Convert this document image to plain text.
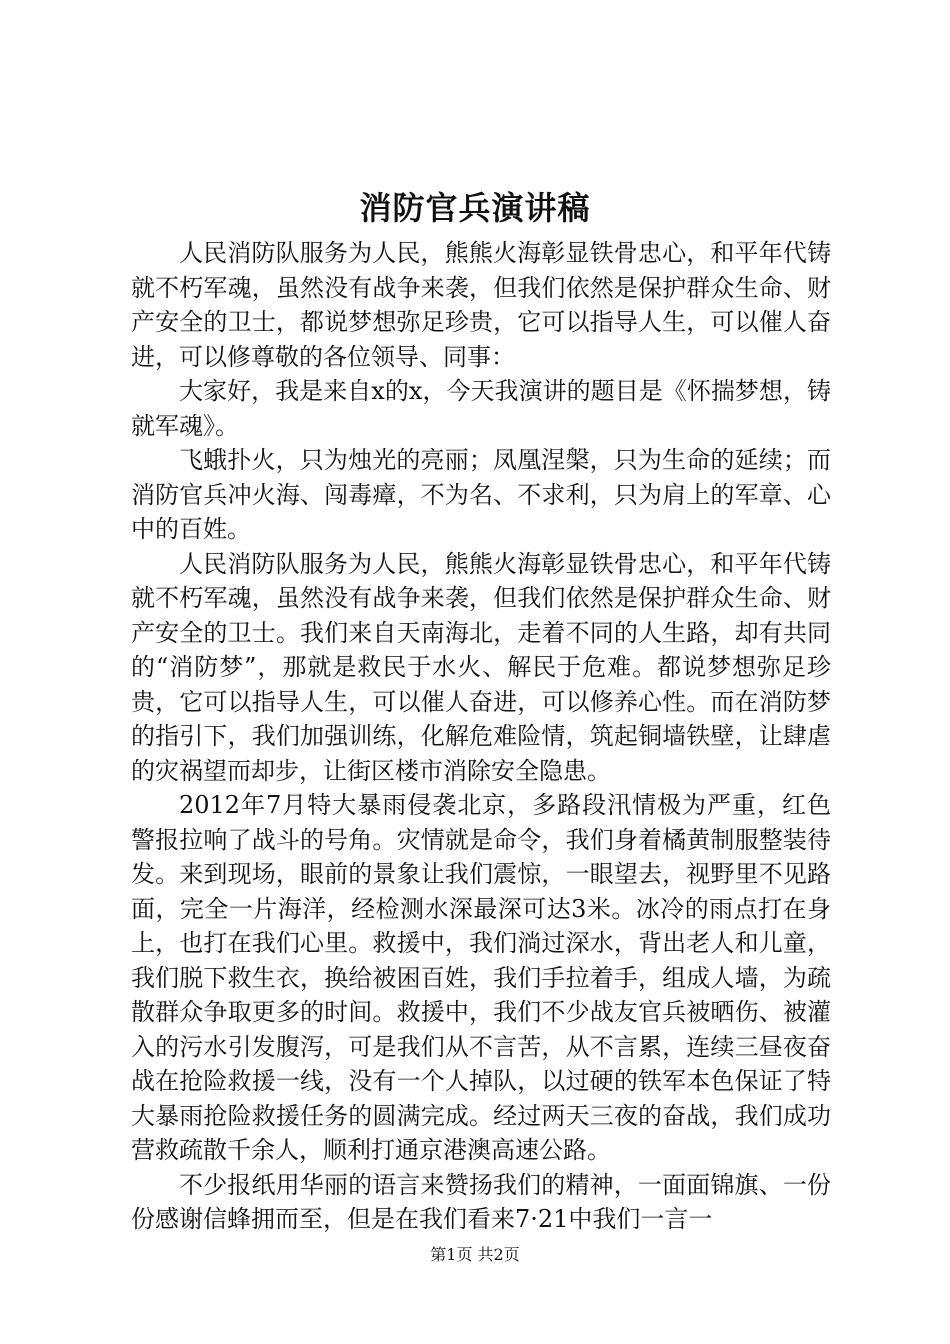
消防官兵演讲稿

人民消防队服务为人民，熊熊火海彰显铁骨忠心，和平年代铸就不朽军魂，虽然没有战争来袭，但我们依然是保护群众生命、财产安全的卫士，都说梦想弥足珍贵，它可以指导人生，可以催人奋进，可以修尊敬的各位领导、同事：

大家好，我是来自x的x，今天我演讲的题目是《怀揣梦想，铸就军魂》。

飞蛾扑火，只为烛光的亮丽；凤凰涅槃，只为生命的延续；而消防官兵冲火海、闯毒瘴，不为名、不求利，只为肩上的军章、心中的百姓。

人民消防队服务为人民，熊熊火海彰显铁骨忠心，和平年代铸就不朽军魂，虽然没有战争来袭，但我们依然是保护群众生命、财产安全的卫士。我们来自天南海北，走着不同的人生路，却有共同的“消防梦”，那就是救民于水火、解民于危难。都说梦想弥足珍贵，它可以指导人生，可以催人奋进，可以修养心性。而在消防梦的指引下，我们加强训练，化解危难险情，筑起铜墙铁壁，让肆虐的灾祸望而却步，让街区楼市消除安全隐患。

2012年7月特大暴雨侵袭北京，多路段汛情极为严重，红色警报拉响了战斗的号角。灾情就是命令，我们身着橘黄制服整装待发。来到现场，眼前的景象让我们震惊，一眼望去，视野里不见路面，完全一片海洋，经检测水深最深可达3米。冰冷的雨点打在身上，也打在我们心里。救援中，我们淌过深水，背出老人和儿童，我们脱下救生衣，换给被困百姓，我们手拉着手，组成人墙，为疏散群众争取更多的时间。救援中，我们不少战友官兵被晒伤、被灌入的污水引发腹泻，可是我们从不言苦，从不言累，连续三昼夜奋战在抢险救援一线，没有一个人掉队，以过硬的铁军本色保证了特大暴雨抢险救援任务的圆满完成。经过两天三夜的奋战，我们成功营救疏散千余人，顺利打通京港澳高速公路。

不少报纸用华丽的语言来赞扬我们的精神，一面面锦旗、一份份感谢信蜂拥而至，但是在我们看来7·21中我们一言一

第1页 共2页
